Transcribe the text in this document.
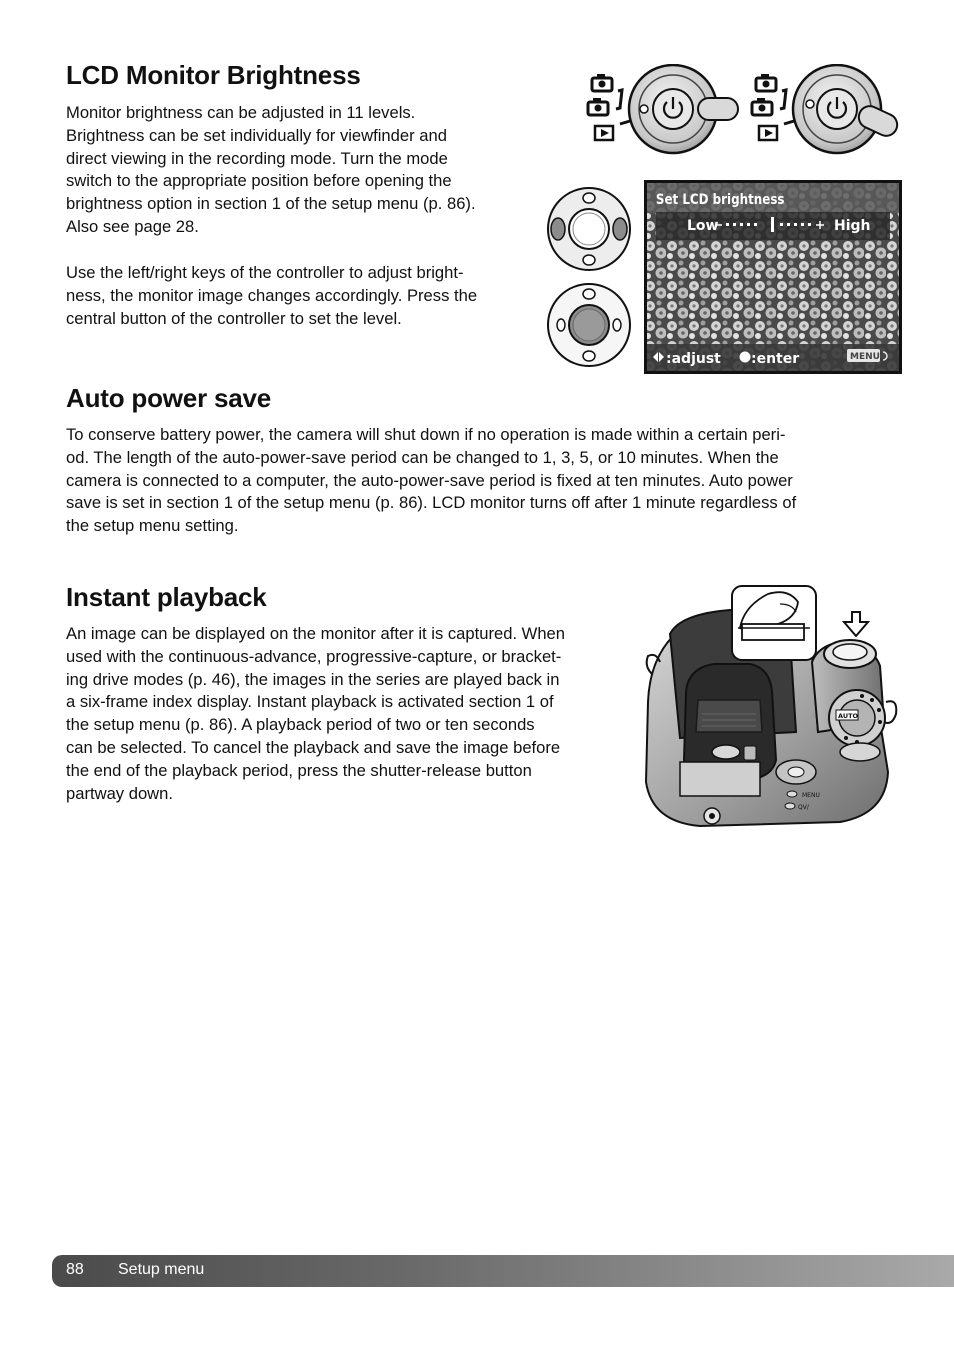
LCD Monitor Brightness

Monitor brightness can be adjusted in 11 levels.
Brightness can be set individually for viewfinder and
direct viewing in the recording mode. Turn the mode
switch to the appropriate position before opening the
brightness option in section 1 of the setup menu (p. 86).
Also see page 28.

Use the left/right keys of the controller to adjust bright-
ness, the monitor image changes accordingly. Press the
central button of the controller to set the level.

Set LCD brightness
Low	High
:adjust :enter	MENU
Auto power save

To conserve battery power, the camera will shut down if no operation is made within a certain peri-
od. The length of the auto-power-save period can be changed to 1, 3, 5, or 10 minutes. When the
camera is connected to a computer, the auto-power-save period is fixed at ten minutes. Auto power
save is set in section 1 of the setup menu (p. 86). LCD monitor turns off after 1 minute regardless of
the setup menu setting.

Instant playback

An image can be displayed on the monitor after it is captured. When
used with the continuous-advance, progressive-capture, or bracket-
ing drive modes (p. 46), the images in the series are played back in
a six-frame index display. Instant playback is activated section 1 of
the setup menu (p. 86). A playback period of two or ten seconds
can be selected. To cancel the playback and save the image before
the end of the playback period, press the shutter-release button
partway down.

AUTO
MENU
QV/
88 Setup menu
